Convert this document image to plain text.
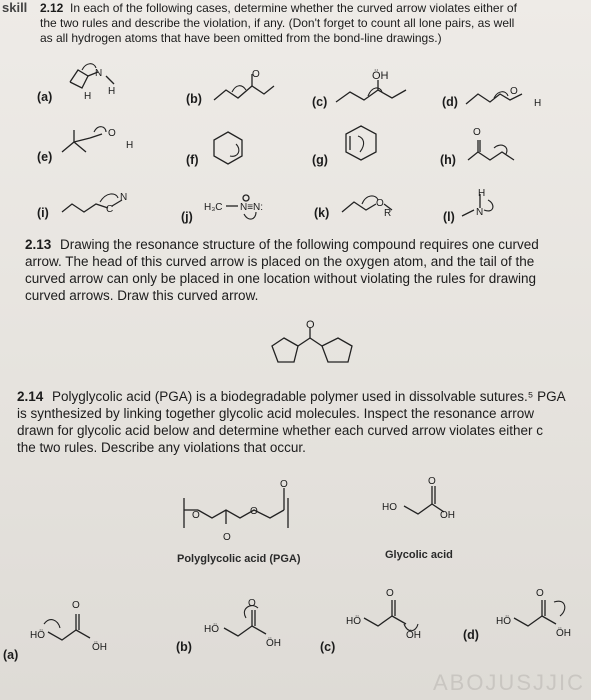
skill 2.12 In each of the following cases, determine whether the curved arrow violates either of
the two rules and describe the violation, if any. (Don't forget to count all lone pairs, as well
as all hydrogen atoms that have been omitted from the bond-line drawings.)
(a)	(b)	(c)	(d)
N
H H
O	ÖH
O
H
(e)	(f)	(g)	(h)
O
H
O
(i)	(j)	(k)	(l)
C
N
H₃C N≡N:	O
R	N
H
2.13 Drawing the resonance structure of the following compound requires one curved
arrow. The head of this curved arrow is placed on the oxygen atom, and the tail of the
curved arrow can only be placed in one location without violating the rules for drawing
curved arrows. Draw this curved arrow.
O
2.14 Polyglycolic acid (PGA) is a biodegradable polymer used in dissolvable sutures.⁵ PGA
is synthesized by linking together glycolic acid molecules. Inspect the resonance arrow
drawn for glycolic acid below and determine whether each curved arrow violates either c
the two rules. Describe any violations that occur.
O	O
O
O
Polyglycolic acid (PGA)
HO
O
OH
Glycolic acid
(a)
(b)	(c)
(d)
HÖ
O
ÖH
HÖ
O
ÖH
HÖ
O
ÖH
HÖ
O
ÖH
ABOJUSJJIC
